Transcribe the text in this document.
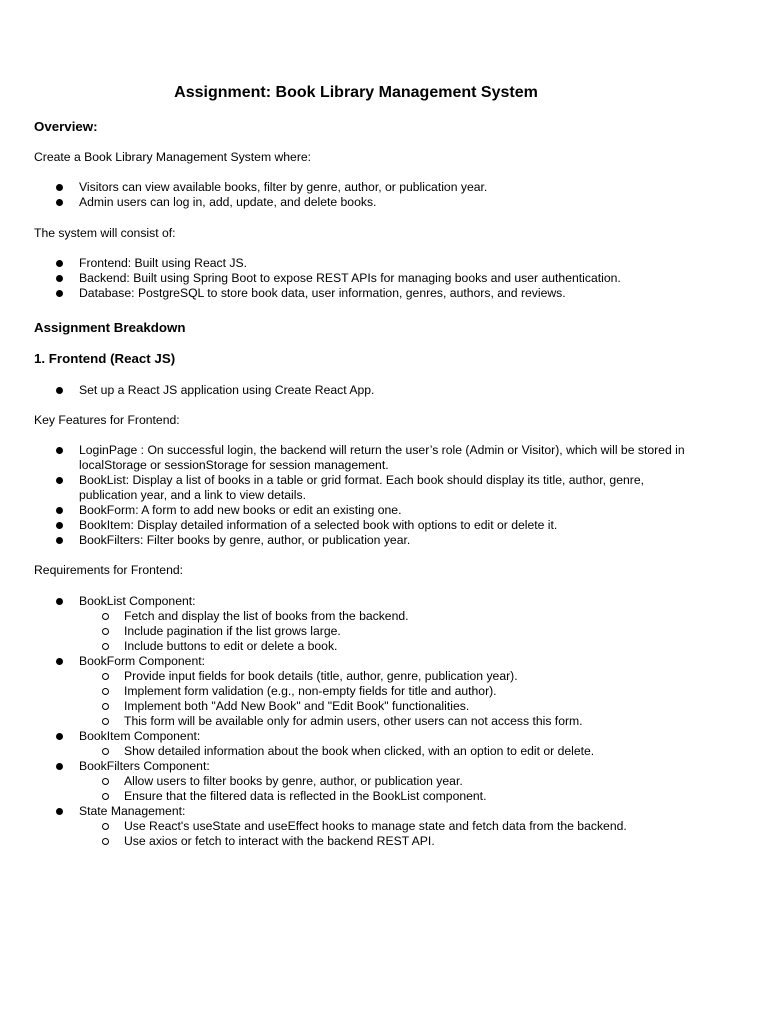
Assignment: Book Library Management System
Overview:
Create a Book Library Management System where:
Visitors can view available books, filter by genre, author, or publication year.
Admin users can log in, add, update, and delete books.
The system will consist of:
Frontend: Built using React JS.
Backend: Built using Spring Boot to expose REST APIs for managing books and user authentication.
Database: PostgreSQL to store book data, user information, genres, authors, and reviews.
Assignment Breakdown
1. Frontend (React JS)
Set up a React JS application using Create React App.
Key Features for Frontend:
LoginPage : On successful login, the backend will return the user’s role (Admin or Visitor), which will be stored in localStorage or sessionStorage for session management.
BookList: Display a list of books in a table or grid format. Each book should display its title, author, genre, publication year, and a link to view details.
BookForm: A form to add new books or edit an existing one.
BookItem: Display detailed information of a selected book with options to edit or delete it.
BookFilters: Filter books by genre, author, or publication year.
Requirements for Frontend:
BookList Component:
Fetch and display the list of books from the backend.
Include pagination if the list grows large.
Include buttons to edit or delete a book.
BookForm Component:
Provide input fields for book details (title, author, genre, publication year).
Implement form validation (e.g., non-empty fields for title and author).
Implement both "Add New Book" and "Edit Book" functionalities.
This form will be available only for admin users, other users can not access this form.
BookItem Component:
Show detailed information about the book when clicked, with an option to edit or delete.
BookFilters Component:
Allow users to filter books by genre, author, or publication year.
Ensure that the filtered data is reflected in the BookList component.
State Management:
Use React's useState and useEffect hooks to manage state and fetch data from the backend.
Use axios or fetch to interact with the backend REST API.
